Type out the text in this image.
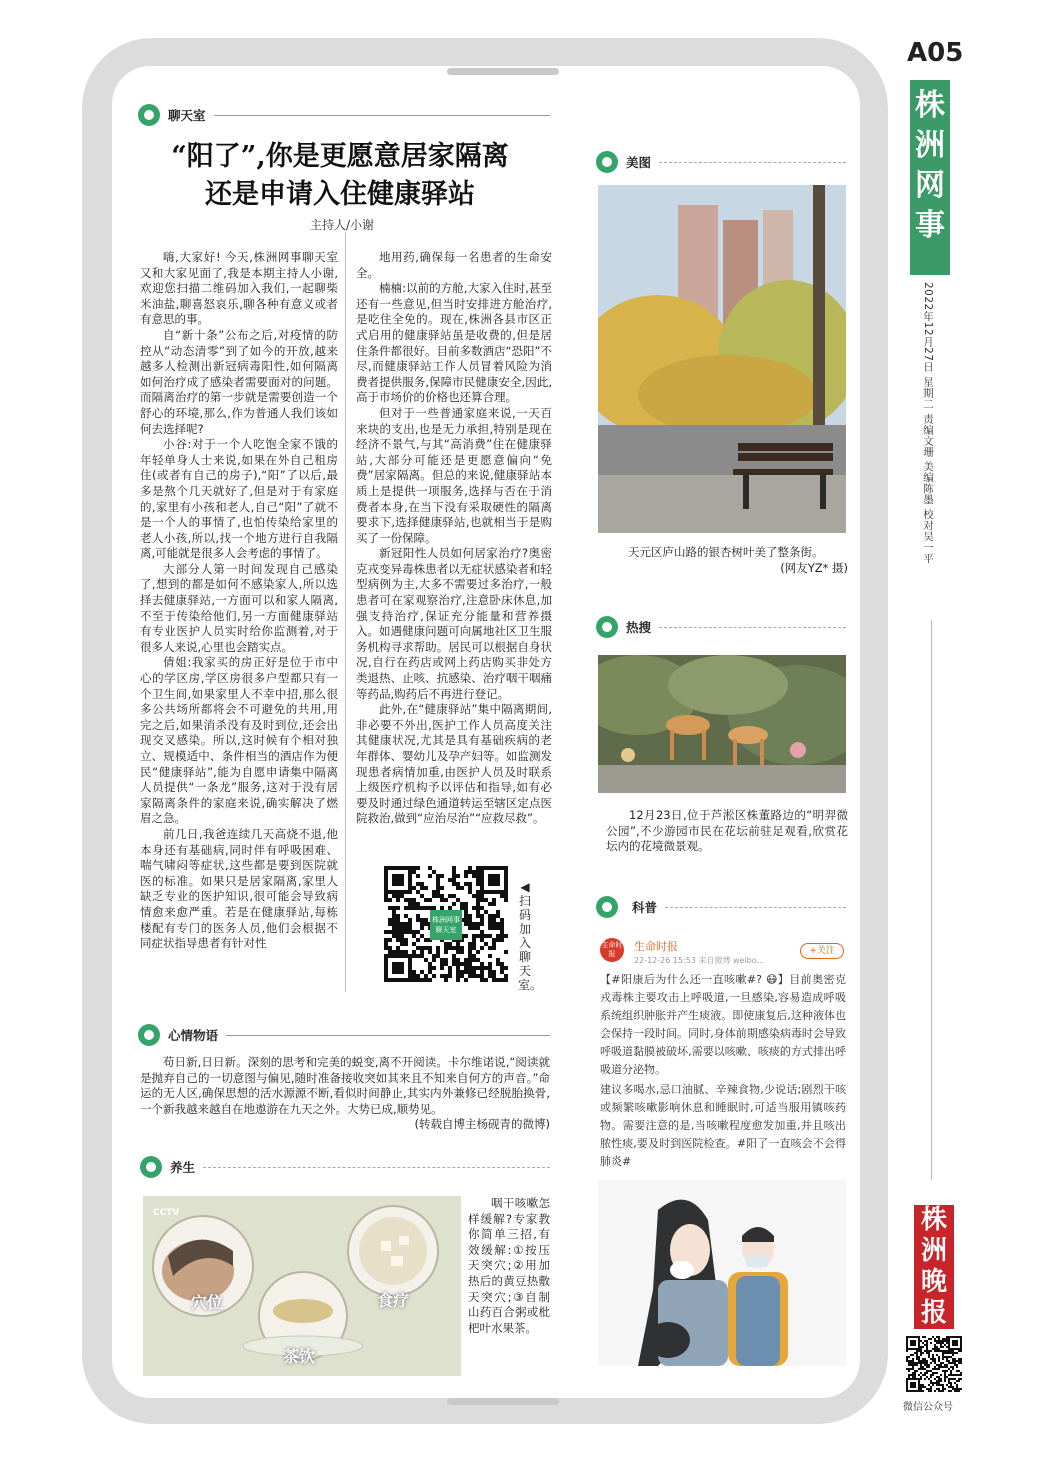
聊天室
“阳了”,你是更愿意居家隔离
还是申请入住健康驿站
主持人/小谢

嗨,大家好! 今天,株洲网事聊天室又和大家见面了,我是本期主持人小谢,欢迎您扫描二维码加入我们,一起聊柴米油盐,聊喜怒哀乐,聊各种有意义或者有意思的事。

自“新十条”公布之后,对疫情的防控从“动态清零”到了如今的开放,越来越多人检测出新冠病毒阳性,如何隔离如何治疗成了感染者需要面对的问题。而隔离治疗的第一步就是需要创造一个舒心的环境,那么,作为普通人我们该如何去选择呢?

小谷:对于一个人吃饱全家不饿的年轻单身人士来说,如果在外自己租房住(或者有自己的房子),“阳”了以后,最多是熬个几天就好了,但是对于有家庭的,家里有小孩和老人,自己“阳”了就不是一个人的事情了,也怕传染给家里的老人小孩,所以,找一个地方进行自我隔离,可能就是很多人会考虑的事情了。

大部分人第一时间发现自己感染了,想到的都是如何不感染家人,所以选择去健康驿站,一方面可以和家人隔离,不至于传染给他们,另一方面健康驿站有专业医护人员实时给你监测着,对于很多人来说,心里也会踏实点。

倩姐:我家买的房正好是位于市中心的学区房,学区房很多户型都只有一个卫生间,如果家里人不幸中招,那么很多公共场所都将会不可避免的共用,用完之后,如果消杀没有及时到位,还会出现交叉感染。所以,这时候有个相对独立、规模适中、条件相当的酒店作为便民“健康驿站”,能为自愿申请集中隔离人员提供“一条龙”服务,这对于没有居家隔离条件的家庭来说,确实解决了燃眉之急。

前几日,我爸连续几天高烧不退,他本身还有基础病,同时伴有呼吸困难、喘气啸闷等症状,这些都是要到医院就医的标准。如果只是居家隔离,家里人缺乏专业的医护知识,很可能会导致病情愈来愈严重。若是在健康驿站,每栋楼配有专门的医务人员,他们会根据不同症状指导患者有针对性

地用药,确保每一名患者的生命安全。

楠楠:以前的方舱,大家入住时,甚至还有一些意见,但当时安排进方舱治疗,是吃住全免的。现在,株洲各县市区正式启用的健康驿站虽是收费的,但是居住条件都很好。目前多数酒店“恐阳”不尽,而健康驿站工作人员冒着风险为消费者提供服务,保障市民健康安全,因此,高于市场价的价格也还算合理。

但对于一些普通家庭来说,一天百来块的支出,也是无力承担,特别是现在经济不景气,与其“高消费”住在健康驿站,大部分可能还是更愿意偏向“免费”居家隔离。但总的来说,健康驿站本质上是提供一项服务,选择与否在于消费者本身,在当下没有采取硬性的隔离要求下,选择健康驿站,也就相当于是购买了一份保障。

新冠阳性人员如何居家治疗?奥密克戎变异毒株患者以无症状感染者和轻型病例为主,大多不需要过多治疗,一般患者可在家观察治疗,注意卧床休息,加强支持治疗,保证充分能量和营养摄入。如遇健康问题可向属地社区卫生服务机构寻求帮助。居民可以根据自身状况,自行在药店或网上药店购买非处方类退热、止咳、抗感染、治疗咽干咽痛等药品,购药后不再进行登记。

此外,在“健康驿站”集中隔离期间,非必要不外出,医护工作人员高度关注其健康状况,尤其是具有基础疾病的老年群体、婴幼儿及孕产妇等。如监测发现患者病情加重,由医护人员及时联系上级医疗机构予以评估和指导,如有必要及时通过绿色通道转运至辖区定点医院救治,做到“应治尽治”“应救尽救”。

株洲网事 聊天室
◀扫码加入聊天室。
心情物语

苟日新,日日新。深刻的思考和完美的蜕变,离不开阅读。卡尔维诺说,“阅读就是抛弃自己的一切意图与偏见,随时准备接收突如其来且不知来自何方的声音。”命运的无人区,确保思想的活水源源不断,看似时间静止,其实内外兼修已经脱胎换骨,一个新我越来越自在地遨游在九天之外。大势已成,顺势见。

(转载自博主杨砚青的微博)
养生
CCTV
穴位	食疗
茶饮

咽干咳嗽怎样缓解?专家教你简单三招,有效缓解:①按压天突穴;②用加热后的黄豆热敷天突穴;③自制山药百合粥或枇杷叶水果茶。

美图
天元区庐山路的银杏树叶美了整条街。
(网友YZ* 摄)
热搜
12月23日,位于芦淞区株董路边的“明羿微公园”,不少游园市民在花坛前驻足观看,欣赏花坛内的花境微景观。
科普
生命时报
生命时报
22-12-26 15:53 来自微博 weibo...
+关注
【#阳康后为什么还一直咳嗽#? 😷】目前奥密克戎毒株主要攻击上呼吸道,一旦感染,容易造成呼吸系统组织肿胀并产生痰液。即使康复后,这种液体也会保持一段时间。同时,身体前期感染病毒时会导致呼吸道黏膜被破坏,需要以咳嗽、咳痰的方式排出呼吸道分泌物。
建议多喝水,忌口油腻、辛辣食物,少说话;剧烈干咳或频繁咳嗽影响休息和睡眠时,可适当服用镇咳药物。需要注意的是,当咳嗽程度愈发加重,并且咳出脓性痰,要及时到医院检查。#阳了一直咳会不会得肺炎#
A05
株洲网事
2022年12月27日 星期二 责编文珊 美编陈墨 校对吴一平
株洲晚报
微信公众号
